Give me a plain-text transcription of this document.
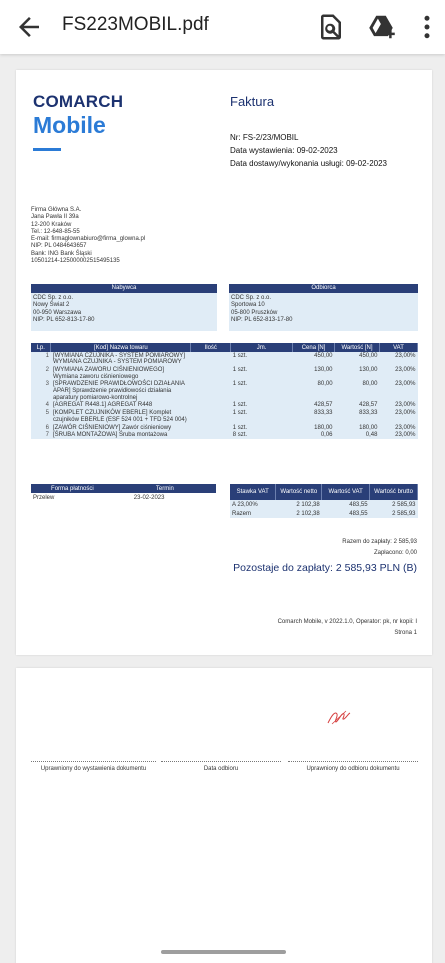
FS223MOBIL.pdf
COMARCH
Mobile
Faktura
Nr: FS-2/23/MOBIL
Data wystawienia: 09-02-2023
Data dostawy/wykonania usługi: 09-02-2023
Firma Główna S.A.
Jana Pawła II 39a
12-200 Kraków
Tel.: 12-648-85-55
E-mail: firmaglownabiuro@firma_glowna.pl
NIP: PL 0484643657
Bank: ING Bank Śląski
10501214-125000002515495135
Nabywca
CDC Sp. z o.o.
Nowy Świat 2
00-950 Warszawa
NIP: PL 652-813-17-80
Odbiorca
CDC Sp. z o.o.
Sportowa 10
05-800 Pruszków
NIP: PL 652-813-17-80
Lp.	[Kod] Nazwa towaru	Ilość	Jm.	Cena [N]	Wartość [N]	VAT
1	[WYMIANA CZUJNIKA - SYSTEM POMIAROWY] WYMIANA CZUJNIKA - SYSTEM POMIAROWY		1 szt.	450,00	450,00	23,00%
2	[WYMIANA ZAWORU CIŚNIENIOWEGO] Wymiana zaworu ciśnieniowego		1 szt.	130,00	130,00	23,00%
3	[SPRAWDZENIE PRAWIDŁOWOŚCI DZIAŁANIA APAR] Sprawdzenie prawidłowości działania aparatury pomiarowo-kontrolnej		1 szt.	80,00	80,00	23,00%
4	[AGREGAT R448.1] AGREGAT R448		1 szt.	428,57	428,57	23,00%
5	[KOMPLET CZUJNIKÓW EBERLE] Komplet czujników EBERLE (ESF 524 001 + TFD 524 004)		1 szt.	833,33	833,33	23,00%
6	[ZAWÓR CIŚNIENIOWY] Zawór ciśnieniowy		1 szt.	180,00	180,00	23,00%
7	[ŚRUBA MONTAŻOWA] Śruba montażowa		8 szt.	0,06	0,48	23,00%
Forma płatności	Termin
Przelew	23-02-2023
Stawka VAT	Wartość netto	Wartość VAT	Wartość brutto
A 23,00%	2 102,38	483,55	2 585,93
Razem	2 102,38	483,55	2 585,93
Razem do zapłaty: 2 585,93
Zapłacono: 0,00
Pozostaje do zapłaty: 2 585,93 PLN (B)
Comarch Mobile, v 2022.1.0, Operator: pk, nr kopii: I
Strona 1
Uprawniony do wystawienia dokumentu	Data odbioru	Uprawniony do odbioru dokumentu
